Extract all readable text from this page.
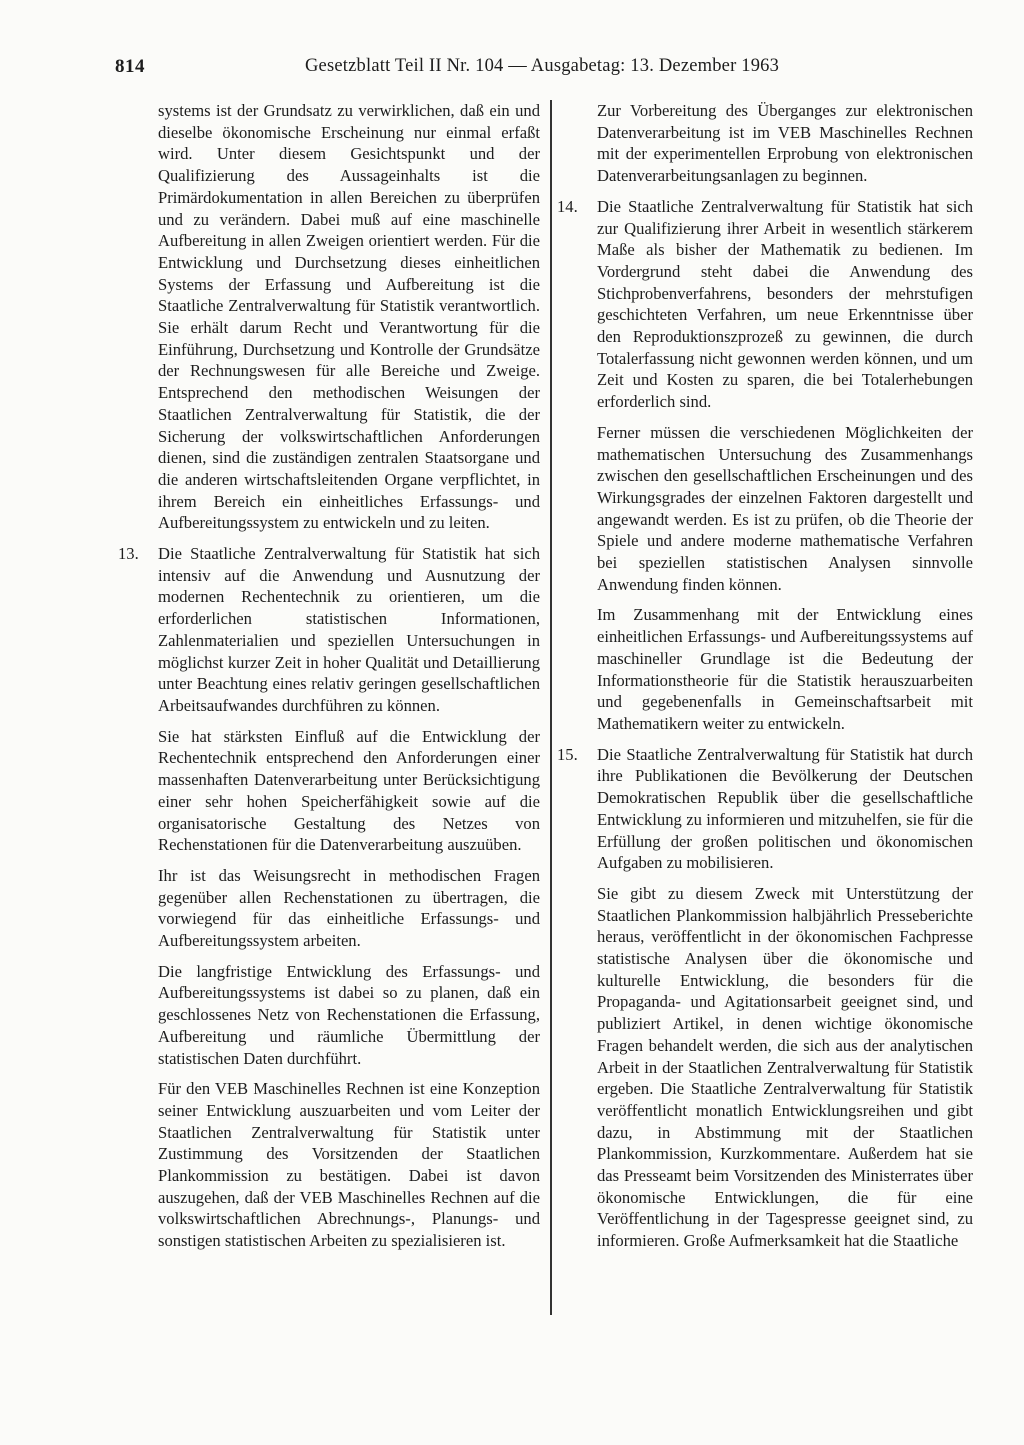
814	Gesetzblatt Teil II Nr. 104 — Ausgabetag: 13. Dezember 1963

systems ist der Grundsatz zu verwirklichen, daß ein und dieselbe ökonomische Erscheinung nur einmal erfaßt wird. Unter diesem Gesichtspunkt und der Qualifizierung des Aussageinhalts ist die Primärdokumentation in allen Bereichen zu überprüfen und zu verändern. Dabei muß auf eine maschinelle Aufbereitung in allen Zweigen orientiert werden. Für die Entwicklung und Durchsetzung dieses einheitlichen Systems der Erfassung und Aufbereitung ist die Staatliche Zentralverwaltung für Statistik verantwortlich. Sie erhält darum Recht und Verantwortung für die Einführung, Durchsetzung und Kontrolle der Grundsätze der Rechnungswesen für alle Bereiche und Zweige. Entsprechend den methodischen Weisungen der Staatlichen Zentralverwaltung für Statistik, die der Sicherung der volkswirtschaftlichen Anforderungen dienen, sind die zuständigen zentralen Staatsorgane und die anderen wirtschaftsleitenden Organe verpflichtet, in ihrem Bereich ein einheitliches Erfassungs- und Aufbereitungssystem zu entwickeln und zu leiten.

13. Die Staatliche Zentralverwaltung für Statistik hat sich intensiv auf die Anwendung und Ausnutzung der modernen Rechentechnik zu orientieren, um die erforderlichen statistischen Informationen, Zahlenmaterialien und speziellen Untersuchungen in möglichst kurzer Zeit in hoher Qualität und Detaillierung unter Beachtung eines relativ geringen gesellschaftlichen Arbeitsaufwandes durchführen zu können.

Sie hat stärksten Einfluß auf die Entwicklung der Rechentechnik entsprechend den Anforderungen einer massenhaften Datenverarbeitung unter Berücksichtigung einer sehr hohen Speicherfähigkeit sowie auf die organisatorische Gestaltung des Netzes von Rechenstationen für die Datenverarbeitung auszuüben.

Ihr ist das Weisungsrecht in methodischen Fragen gegenüber allen Rechenstationen zu übertragen, die vorwiegend für das einheitliche Erfassungs- und Aufbereitungssystem arbeiten.

Die langfristige Entwicklung des Erfassungs- und Aufbereitungssystems ist dabei so zu planen, daß ein geschlossenes Netz von Rechenstationen die Erfassung, Aufbereitung und räumliche Übermittlung der statistischen Daten durchführt.

Für den VEB Maschinelles Rechnen ist eine Konzeption seiner Entwicklung auszuarbeiten und vom Leiter der Staatlichen Zentralverwaltung für Statistik unter Zustimmung des Vorsitzenden der Staatlichen Plankommission zu bestätigen. Dabei ist davon auszugehen, daß der VEB Maschinelles Rechnen auf die volkswirtschaftlichen Abrechnungs-, Planungs- und sonstigen statistischen Arbeiten zu spezialisieren ist.

Zur Vorbereitung des Überganges zur elektronischen Datenverarbeitung ist im VEB Maschinelles Rechnen mit der experimentellen Erprobung von elektronischen Datenverarbeitungsanlagen zu beginnen.

14. Die Staatliche Zentralverwaltung für Statistik hat sich zur Qualifizierung ihrer Arbeit in wesentlich stärkerem Maße als bisher der Mathematik zu bedienen. Im Vordergrund steht dabei die Anwendung des Stichprobenverfahrens, besonders der mehrstufigen geschichteten Verfahren, um neue Erkenntnisse über den Reproduktionszprozeß zu gewinnen, die durch Totalerfassung nicht gewonnen werden können, und um Zeit und Kosten zu sparen, die bei Totalerhebungen erforderlich sind.

Ferner müssen die verschiedenen Möglichkeiten der mathematischen Untersuchung des Zusammenhangs zwischen den gesellschaftlichen Erscheinungen und des Wirkungsgrades der einzelnen Faktoren dargestellt und angewandt werden. Es ist zu prüfen, ob die Theorie der Spiele und andere moderne mathematische Verfahren bei speziellen statistischen Analysen sinnvolle Anwendung finden können.

Im Zusammenhang mit der Entwicklung eines einheitlichen Erfassungs- und Aufbereitungssystems auf maschineller Grundlage ist die Bedeutung der Informationstheorie für die Statistik herauszuarbeiten und gegebenenfalls in Gemeinschaftsarbeit mit Mathematikern weiter zu entwickeln.

15. Die Staatliche Zentralverwaltung für Statistik hat durch ihre Publikationen die Bevölkerung der Deutschen Demokratischen Republik über die gesellschaftliche Entwicklung zu informieren und mitzuhelfen, sie für die Erfüllung der großen politischen und ökonomischen Aufgaben zu mobilisieren.

Sie gibt zu diesem Zweck mit Unterstützung der Staatlichen Plankommission halbjährlich Presseberichte heraus, veröffentlicht in der ökonomischen Fachpresse statistische Analysen über die ökonomische und kulturelle Entwicklung, die besonders für die Propaganda- und Agitationsarbeit geeignet sind, und publiziert Artikel, in denen wichtige ökonomische Fragen behandelt werden, die sich aus der analytischen Arbeit in der Staatlichen Zentralverwaltung für Statistik ergeben. Die Staatliche Zentralverwaltung für Statistik veröffentlicht monatlich Entwicklungsreihen und gibt dazu, in Abstimmung mit der Staatlichen Plankommission, Kurzkommentare. Außerdem hat sie das Presseamt beim Vorsitzenden des Ministerrates über ökonomische Entwicklungen, die für eine Veröffentlichung in der Tagespresse geeignet sind, zu informieren. Große Aufmerksamkeit hat die Staatliche
